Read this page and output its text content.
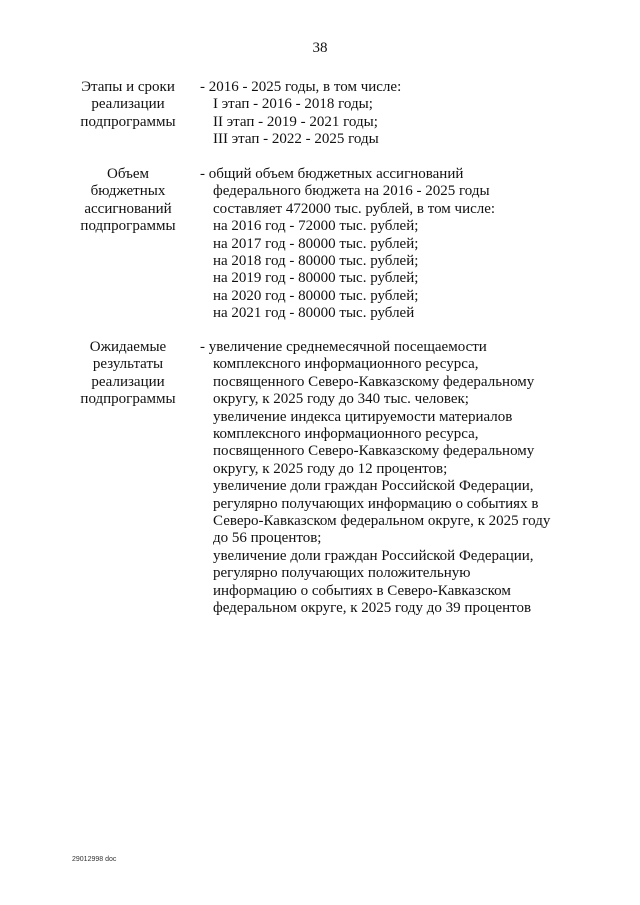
38
Этапы и сроки
реализации
подпрограммы
- 2016 - 2025 годы, в том числе:
I этап - 2016 - 2018 годы;
II этап - 2019 - 2021 годы;
III этап - 2022 - 2025 годы
Объем
бюджетных
ассигнований
подпрограммы
- общий объем бюджетных ассигнований
федерального бюджета на 2016 - 2025 годы
составляет 472000 тыс. рублей, в том числе:
на 2016 год - 72000 тыс. рублей;
на 2017 год - 80000 тыс. рублей;
на 2018 год - 80000 тыс. рублей;
на 2019 год - 80000 тыс. рублей;
на 2020 год - 80000 тыс. рублей;
на 2021 год - 80000 тыс. рублей
Ожидаемые
результаты
реализации
подпрограммы
- увеличение среднемесячной посещаемости
комплексного информационного ресурса,
посвященного Северо-Кавказскому федеральному
округу, к 2025 году до 340 тыс. человек;
увеличение индекса цитируемости материалов
комплексного информационного ресурса,
посвященного Северо-Кавказскому федеральному
округу, к 2025 году до 12 процентов;
увеличение доли граждан Российской Федерации,
регулярно получающих информацию о событиях в
Северо-Кавказском федеральном округе, к 2025 году
до 56 процентов;
увеличение доли граждан Российской Федерации,
регулярно получающих положительную
информацию о событиях в Северо-Кавказском
федеральном округе, к 2025 году до 39 процентов
29012998 doc
